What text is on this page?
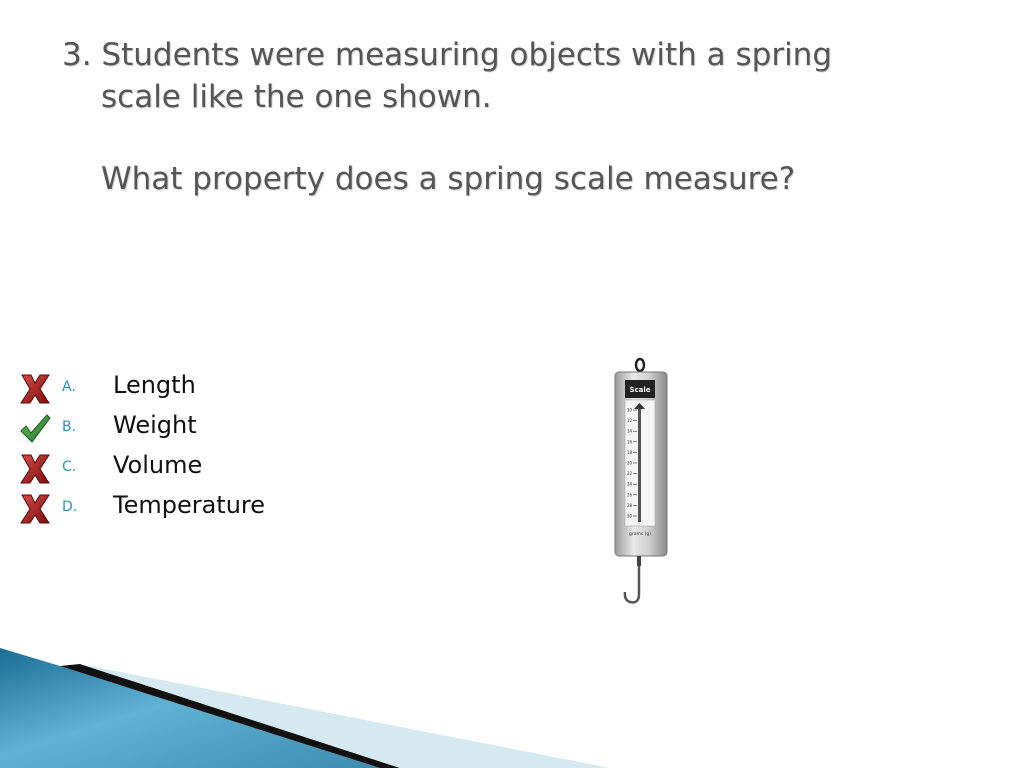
3. Students were measuring objects with a spring
scale like the one shown.
What property does a spring scale measure?
A. Length
B. Weight
C. Volume
D. Temperature
Scale
10
12
14
16
18
20
22
24
26
28
30
grams (g)
